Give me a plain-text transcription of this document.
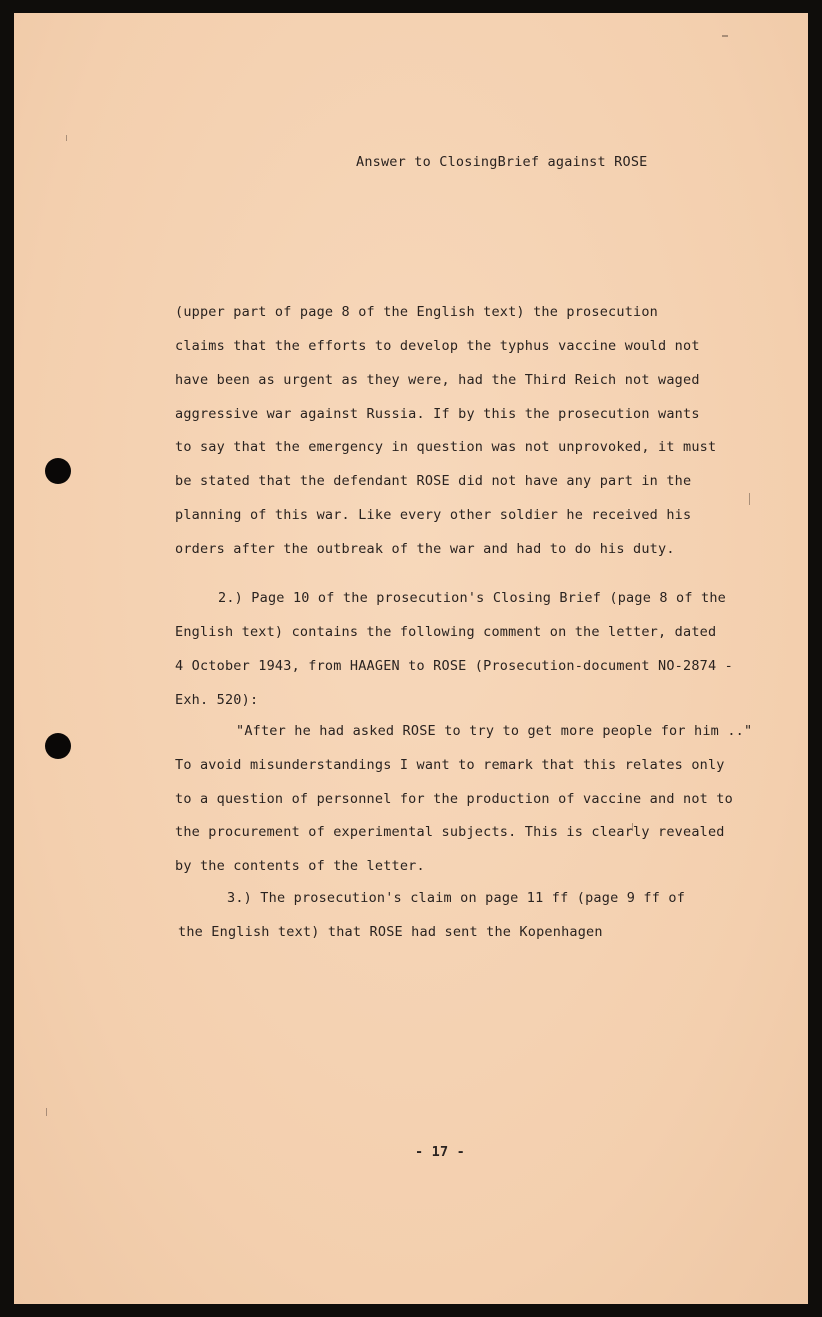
Answer to ClosingBrief against ROSE
(upper part of page 8 of the English text) the prosecution
claims that the efforts to develop the typhus vaccine would not
have been as urgent as they were, had the Third Reich not waged
aggressive war against Russia. If by this the prosecution wants
to say that the emergency in question was not unprovoked, it must
be stated that the defendant ROSE did not have any part in the
planning of this war. Like every other soldier he received his
orders after the outbreak of the war and had to do his duty.
2.) Page 10 of the prosecution's Closing Brief (page 8 of the
English text) contains the following comment on the letter, dated
4 October 1943, from HAAGEN to ROSE (Prosecution-document NO-2874 -
Exh. 520):
"After he had asked ROSE to try to get more people for him .."
To avoid misunderstandings I want to remark that this relates only
to a question of personnel for the production of vaccine and not to
the procurement of experimental subjects. This is clearly revealed
by the contents of the letter.
3.) The prosecution's claim on page 11 ff (page 9 ff of
the English text) that ROSE had sent the Kopenhagen
- 17 -
